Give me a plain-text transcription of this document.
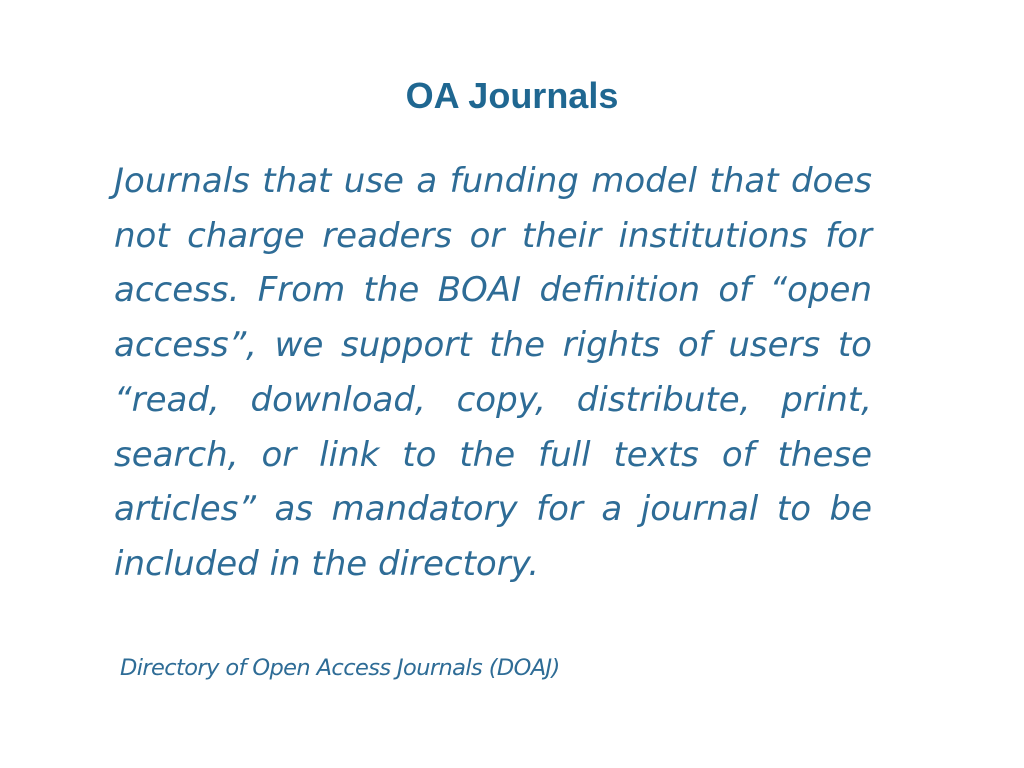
OA Journals

Journals that use a funding model that does not charge readers or their institutions for access. From the BOAI definition of “open access”, we support the rights of users to “read, download, copy, distribute, print, search, or link to the full texts of these articles” as mandatory for a journal to be included in the directory.

Directory of Open Access Journals (DOAJ)
